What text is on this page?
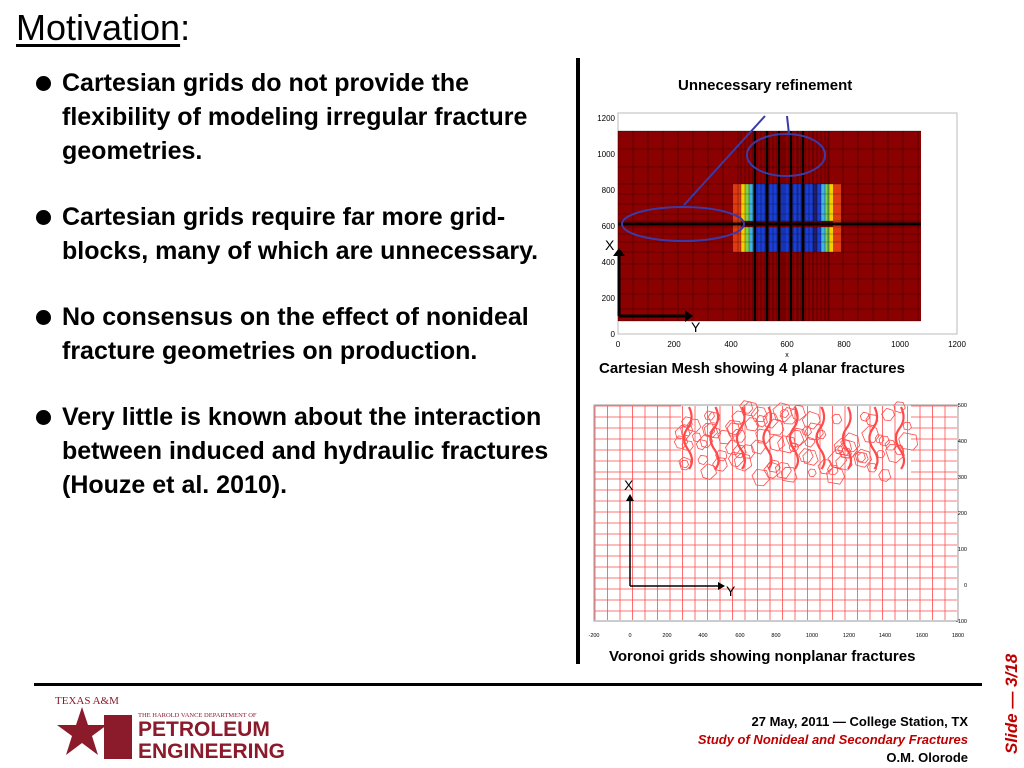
Motivation:
Cartesian grids do not provide the flexibility of modeling irregular fracture geometries.
Cartesian grids require far more grid-blocks, many of which are unnecessary.
No consensus on the effect of nonideal fracture geometries on production.
Very little is known about the interaction between induced and hydraulic fractures (Houze et al. 2010).
Unnecessary refinement
0
200
400
600
800
1000
1200
0	200	400	600	800	1000	1200
x
X
Y
Cartesian Mesh showing 4 planar fractures
-100
0
100
200
300
400
500
-200	0	200	400	600	800	1000	1200	1400	1600	1800
X
Y
Voronoi grids showing nonplanar fractures
TEXAS A&M
THE HAROLD VANCE DEPARTMENT OF
PETROLEUM
ENGINEERING
27 May, 2011 — College Station, TX
Study of Nonideal and Secondary Fractures
O.M. Olorode
Slide — 3/18
